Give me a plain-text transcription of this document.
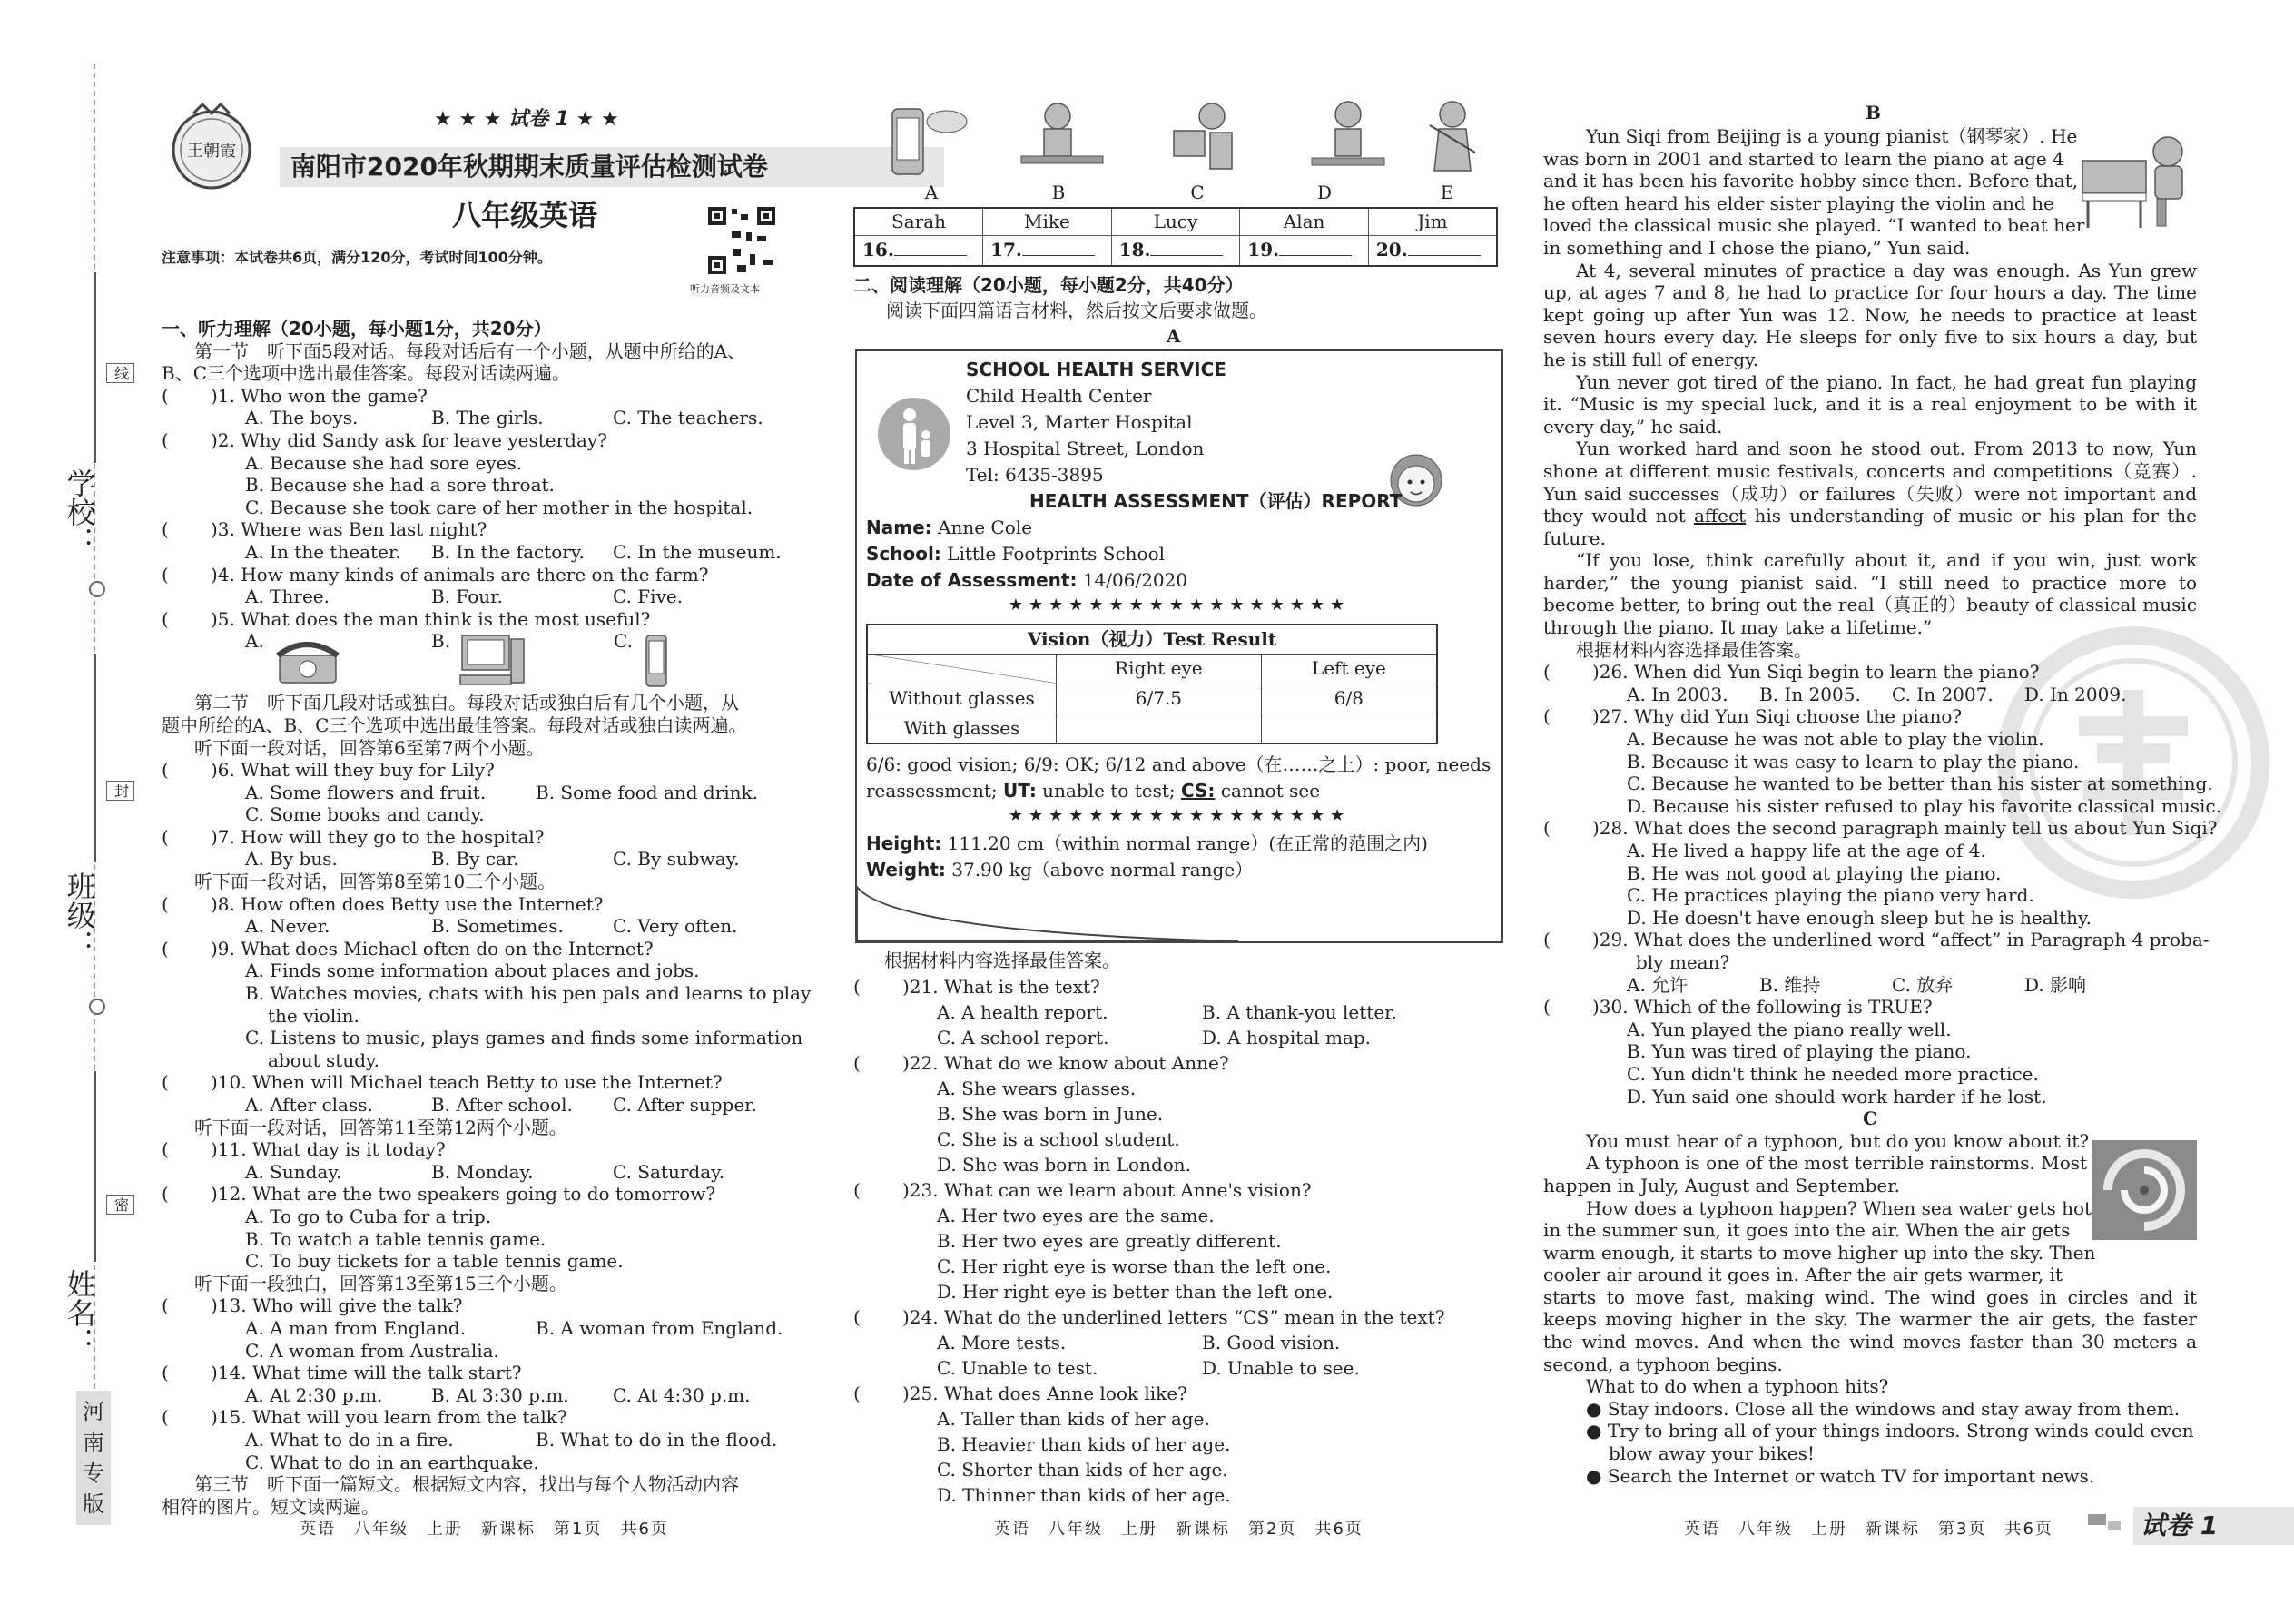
学校：
班级：
姓名：
线
封
密
河南专版
王朝霞
★ ★ ★ 试卷 1 ★ ★
南阳市2020年秋期期末质量评估检测试卷
八年级英语
听力音频及文本
注意事项：本试卷共6页，满分120分，考试时间100分钟。
一、听力理解（20小题，每小题1分，共20分）
第一节　听下面5段对话。每段对话后有一个小题，从题中所给的A、
B、C三个选项中选出最佳答案。每段对话读两遍。
(	)1. Who won the game?
A. The boys.	B. The girls.	C. The teachers.
(	)2. Why did Sandy ask for leave yesterday?
A. Because she had sore eyes.
B. Because she had a sore throat.
C. Because she took care of her mother in the hospital.
(	)3. Where was Ben last night?
A. In the theater.	B. In the factory.	C. In the museum.
(	)4. How many kinds of animals are there on the farm?
A. Three.	B. Four.	C. Five.
(	)5. What does the man think is the most useful?
A.	B.	C.
第二节　听下面几段对话或独白。每段对话或独白后有几个小题，从
题中所给的A、B、C三个选项中选出最佳答案。每段对话或独白读两遍。
听下面一段对话，回答第6至第7两个小题。
(	)6. What will they buy for Lily?
A. Some flowers and fruit.	B. Some food and drink.
C. Some books and candy.
(	)7. How will they go to the hospital?
A. By bus.	B. By car.	C. By subway.
听下面一段对话，回答第8至第10三个小题。
(	)8. How often does Betty use the Internet?
A. Never.	B. Sometimes.	C. Very often.
(	)9. What does Michael often do on the Internet?
A. Finds some information about places and jobs.
B. Watches movies, chats with his pen pals and learns to play
the violin.
C. Listens to music, plays games and finds some information
about study.
(	)10. When will Michael teach Betty to use the Internet?
A. After class.	B. After school.	C. After supper.
听下面一段对话，回答第11至第12两个小题。
(	)11. What day is it today?
A. Sunday.	B. Monday.	C. Saturday.
(	)12. What are the two speakers going to do tomorrow?
A. To go to Cuba for a trip.
B. To watch a table tennis game.
C. To buy tickets for a table tennis game.
听下面一段独白，回答第13至第15三个小题。
(	)13. Who will give the talk?
A. A man from England.	B. A woman from England.
C. A woman from Australia.
(	)14. What time will the talk start?
A. At 2:30 p.m.	B. At 3:30 p.m.	C. At 4:30 p.m.
(	)15. What will you learn from the talk?
A. What to do in a fire.	B. What to do in the flood.
C. What to do in an earthquake.
第三节　听下面一篇短文。根据短文内容，找出与每个人物活动内容
相符的图片。短文读两遍。
A	B	C	D	E
Sarah	Mike	Lucy	Alan	Jim
16.	17.	18.	19.	20.
二、阅读理解（20小题，每小题2分，共40分）
阅读下面四篇语言材料，然后按文后要求做题。
A
SCHOOL HEALTH SERVICE
Child Health Center
Level 3, Marter Hospital
3 Hospital Street, London
Tel: 6435-3895
HEALTH ASSESSMENT（评估）REPORT
Name: Anne Cole
School: Little Footprints School
Date of Assessment: 14/06/2020
★★★★★★★★★★★★★★★★★
Vision（视力）Test Result		
	Right eye	Left eye
Without glasses	6/7.5	6/8
With glasses		
6/6: good vision; 6/9: OK; 6/12 and above（在……之上）: poor, needs
reassessment; UT: unable to test; CS: cannot see
★★★★★★★★★★★★★★★★★
Height: 111.20 cm（within normal range）(在正常的范围之内)
Weight: 37.90 kg（above normal range）
根据材料内容选择最佳答案。
(	)21. What is the text?
A. A health report.	B. A thank-you letter.
C. A school report.	D. A hospital map.
(	)22. What do we know about Anne?
A. She wears glasses.
B. She was born in June.
C. She is a school student.
D. She was born in London.
(	)23. What can we learn about Anne's vision?
A. Her two eyes are the same.
B. Her two eyes are greatly different.
C. Her right eye is worse than the left one.
D. Her right eye is better than the left one.
(	)24. What do the underlined letters “CS” mean in the text?
A. More tests.	B. Good vision.
C. Unable to test.	D. Unable to see.
(	)25. What does Anne look like?
A. Taller than kids of her age.
B. Heavier than kids of her age.
C. Shorter than kids of her age.
D. Thinner than kids of her age.
B
Yun Siqi from Beijing is a young pianist（钢琴家）. He
was born in 2001 and started to learn the piano at age 4
and it has been his favorite hobby since then. Before that,
he often heard his elder sister playing the violin and he
loved the classical music she played. “I wanted to beat her
in something and I chose the piano,” Yun said.
At 4, several minutes of practice a day was enough. As Yun grew up, at ages 7 and 8, he had to practice for four hours a day. The time kept going up after Yun was 12. Now, he needs to practice at least seven hours every day. He sleeps for only five to six hours a day, but he is still full of energy.
Yun never got tired of the piano. In fact, he had great fun playing it. “Music is my special luck, and it is a real enjoyment to be with it every day,” he said.
Yun worked hard and soon he stood out. From 2013 to now, Yun shone at different music festivals, concerts and competitions（竞赛）. Yun said successes（成功）or failures（失败）were not important and they would not affect his understanding of music or his plan for the future.
“If you lose, think carefully about it, and if you win, just work harder,” the young pianist said. “I still need to practice more to become better, to bring out the real（真正的）beauty of classical music through the piano. It may take a lifetime.”
根据材料内容选择最佳答案。
(	)26. When did Yun Siqi begin to learn the piano?
A. In 2003.	B. In 2005.	C. In 2007.	D. In 2009.
(	)27. Why did Yun Siqi choose the piano?
A. Because he was not able to play the violin.
B. Because it was easy to learn to play the piano.
C. Because he wanted to be better than his sister at something.
D. Because his sister refused to play his favorite classical music.
(	)28. What does the second paragraph mainly tell us about Yun Siqi?
A. He lived a happy life at the age of 4.
B. He was not good at playing the piano.
C. He practices playing the piano very hard.
D. He doesn't have enough sleep but he is healthy.
(	)29. What does the underlined word “affect” in Paragraph 4 proba-
bly mean?
A. 允许	B. 维持	C. 放弃	D. 影响
(	)30. Which of the following is TRUE?
A. Yun played the piano really well.
B. Yun was tired of playing the piano.
C. Yun didn't think he needed more practice.
D. Yun said one should work harder if he lost.
C
You must hear of a typhoon, but do you know about it?
A typhoon is one of the most terrible rainstorms. Most
happen in July, August and September.
How does a typhoon happen? When sea water gets hot
in the summer sun, it goes into the air. When the air gets
warm enough, it starts to move higher up into the sky. Then
cooler air around it goes in. After the air gets warmer, it
starts to move fast, making wind. The wind goes in circles and it keeps moving higher in the sky. The warmer the air gets, the faster the wind moves. And when the wind moves faster than 30 meters a second, a typhoon begins.
What to do when a typhoon hits?
● Stay indoors. Close all the windows and stay away from them.
● Try to bring all of your things indoors. Strong winds could even
blow away your bikes!
● Search the Internet or watch TV for important news.
英语　八年级　上册　新课标　第1页　共6页	英语　八年级　上册　新课标　第2页　共6页	英语　八年级　上册　新课标　第3页　共6页	试卷 1
